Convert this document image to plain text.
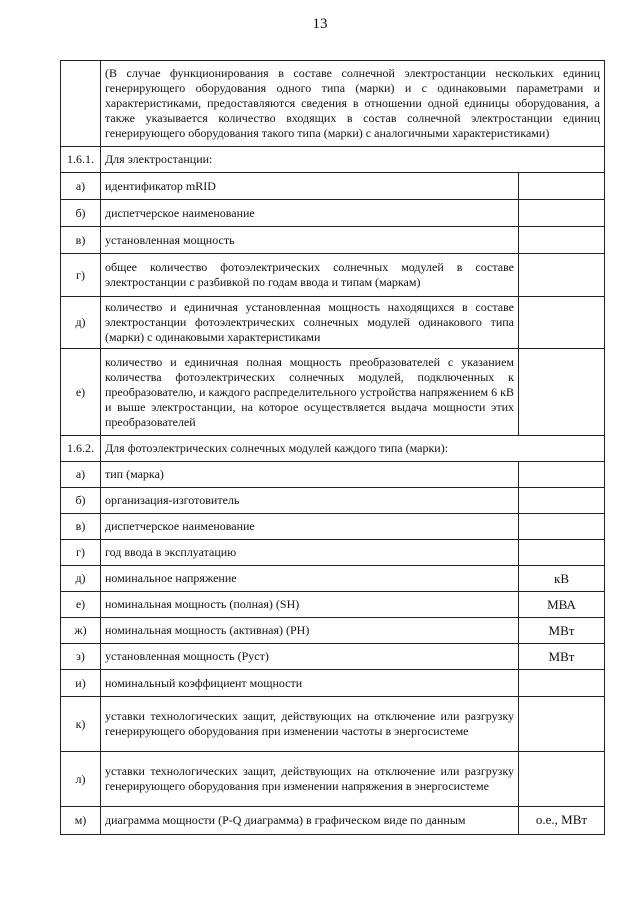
13
	(В случае функционирования в составе солнечной электростанции нескольких единиц генерирующего оборудования одного типа (марки) и с одинаковыми параметрами и характеристиками, предоставляются сведения в отношении одной единицы оборудования, а также указывается количество входящих в состав солнечной электростанции единиц генерирующего оборудования такого типа (марки) с аналогичными характеристиками)	
1.6.1.	Для электростанции:	
а)	идентификатор mRID	
б)	диспетчерское наименование	
в)	установленная мощность	
г)	общее количество фотоэлектрических солнечных модулей в составе электростанции с разбивкой по годам ввода и типам (маркам)	
д)	количество и единичная установленная мощность находящихся в составе электростанции фотоэлектрических солнечных модулей одинакового типа (марки) с одинаковыми характеристиками	
е)	количество и единичная полная мощность преобразователей с указанием количества фотоэлектрических солнечных модулей, подключенных к преобразователю, и каждого распределительного устройства напряжением 6 кВ и выше электростанции, на которое осуществляется выдача мощности этих преобразователей	
1.6.2.	Для фотоэлектрических солнечных модулей каждого типа (марки):	
а)	тип (марка)	
б)	организация-изготовитель	
в)	диспетчерское наименование	
г)	год ввода в эксплуатацию	
д)	номинальное напряжение	кВ
е)	номинальная мощность (полная) (SН)	МВА
ж)	номинальная мощность (активная) (PН)	МВт
з)	установленная мощность (Pуст)	МВт
и)	номинальный коэффициент мощности	
к)	уставки технологических защит, действующих на отключение или разгрузку генерирующего оборудования при изменении частоты в энергосистеме	
л)	уставки технологических защит, действующих на отключение или разгрузку генерирующего оборудования при изменении напряжения в энергосистеме	
м)	диаграмма мощности (P-Q диаграмма) в графическом виде по данным	о.е., МВт
